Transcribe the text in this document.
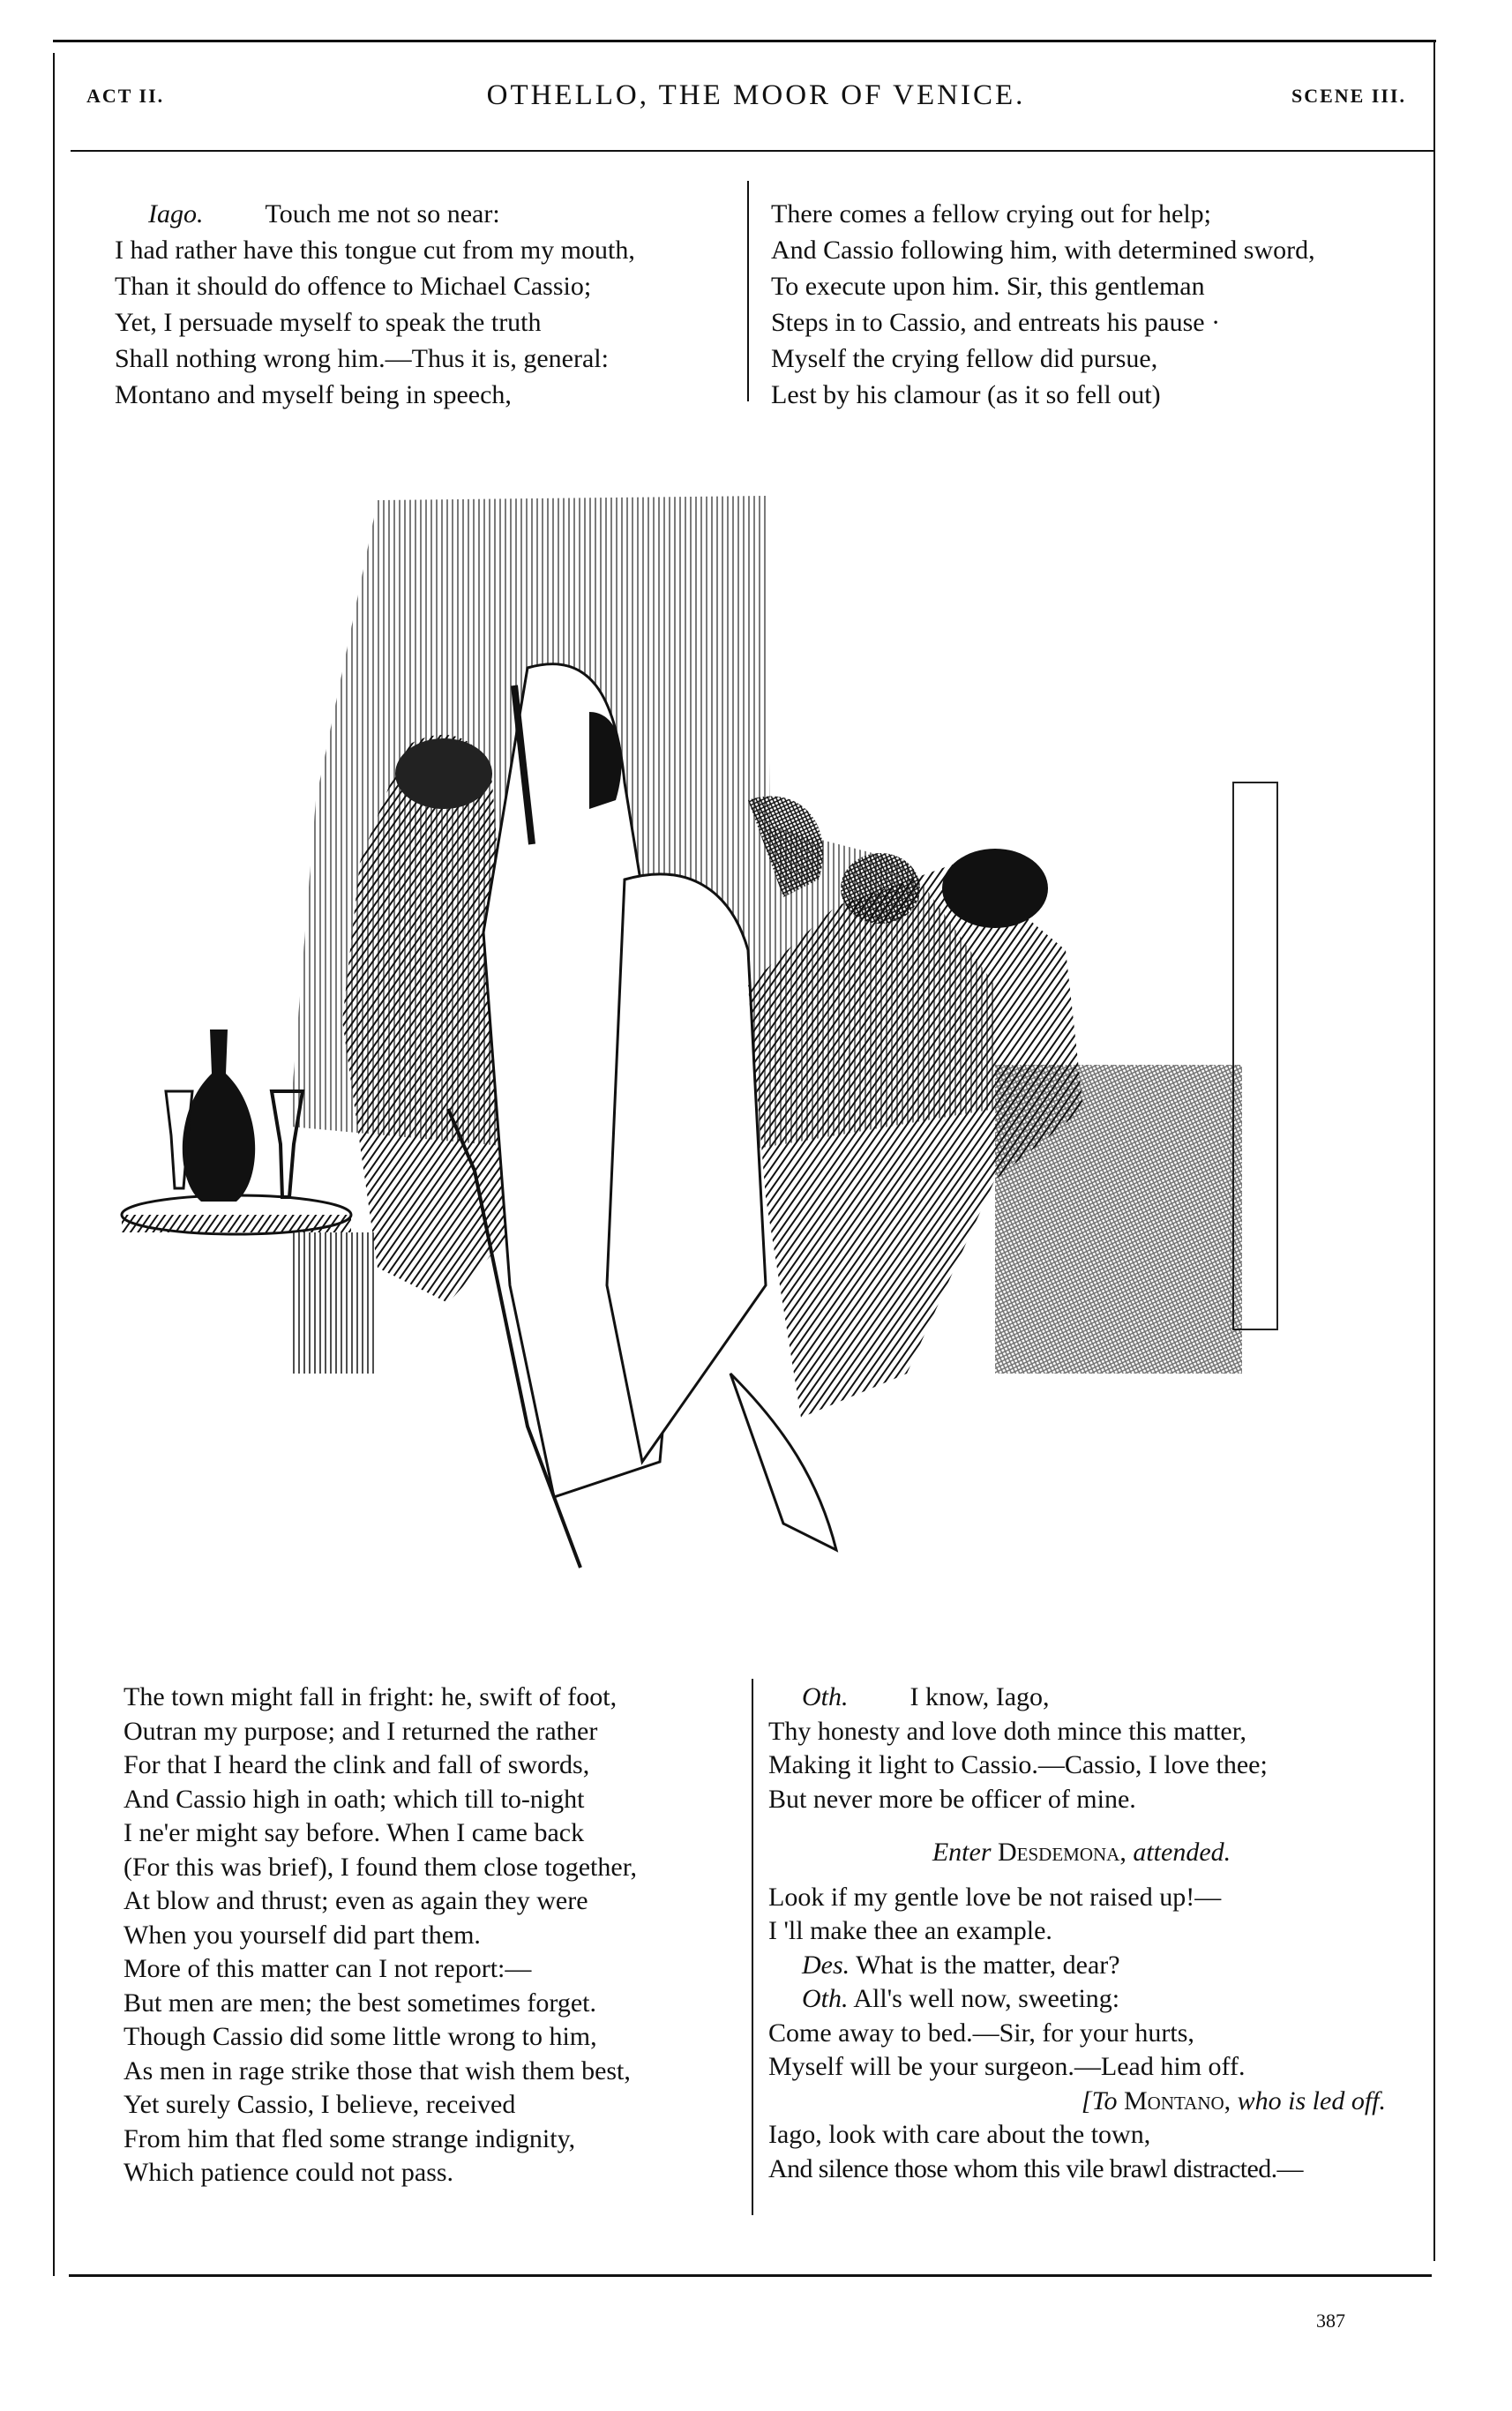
ACT II.	OTHELLO, THE MOOR OF VENICE.	SCENE III.
Iago. Touch me not so near:
I had rather have this tongue cut from my mouth,
Than it should do offence to Michael Cassio;
Yet, I persuade myself to speak the truth
Shall nothing wrong him.—Thus it is, general:
Montano and myself being in speech,
There comes a fellow crying out for help;
And Cassio following him, with determined sword,
To execute upon him. Sir, this gentleman
Steps in to Cassio, and entreats his pause ·
Myself the crying fellow did pursue,
Lest by his clamour (as it so fell out)
The town might fall in fright: he, swift of foot,
Outran my purpose; and I returned the rather
For that I heard the clink and fall of swords,
And Cassio high in oath; which till to-night
I ne'er might say before. When I came back
(For this was brief), I found them close together,
At blow and thrust; even as again they were
When you yourself did part them.
More of this matter can I not report:—
But men are men; the best sometimes forget.
Though Cassio did some little wrong to him,
As men in rage strike those that wish them best,
Yet surely Cassio, I believe, received
From him that fled some strange indignity,
Which patience could not pass.
Oth. I know, Iago,
Thy honesty and love doth mince this matter,
Making it light to Cassio.—Cassio, I love thee;
But never more be officer of mine.
Enter Desdemona, attended.
Look if my gentle love be not raised up!—
I 'll make thee an example.
Des. What is the matter, dear?
Oth. All's well now, sweeting:
Come away to bed.—Sir, for your hurts,
Myself will be your surgeon.—Lead him off.
[To Montano, who is led off.
Iago, look with care about the town,
And silence those whom this vile brawl distracted.—
387
